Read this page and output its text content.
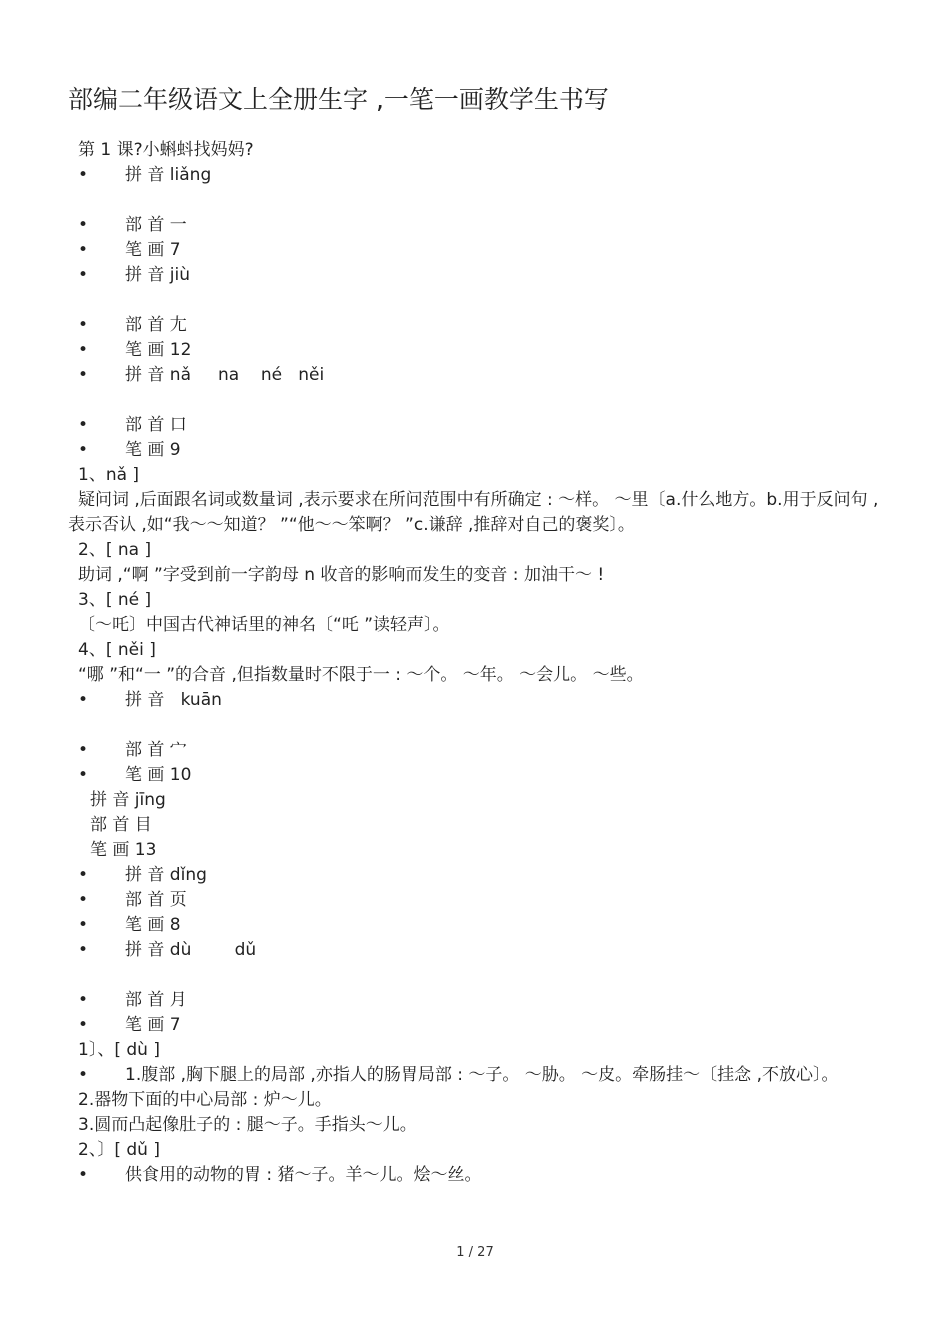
部编二年级语文上全册生字 ,一笔一画教学生书写
第 1 课?小蝌蚪找妈妈?
• 拼 音 liǎng
• 部 首 一
• 笔 画 7
• 拼 音 jiù
• 部 首 尢
• 笔 画 12
• 拼 音 nǎ     na    né   něi
• 部 首 口
• 笔 画 9
1、nǎ ]
疑问词 ,后面跟名词或数量词 ,表示要求在所问范围中有所确定 : ～样。 ～里〔a.什么地方。b.用于反问句 ,表示否认 ,如“我～～知道？ ”“他～～笨啊？ ”c.谦辞 ,推辞对自己的褒奖〕。
2、[ na ]
助词 ,“啊 ”字受到前一字韵母 n 收音的影响而发生的变音 : 加油干～ !
3、[ né ]
〔～吒〕中国古代神话里的神名〔“吒 ”读轻声〕。
4、[ něi ]
“哪 ”和“一 ”的合音 ,但指数量时不限于一 : ～个。 ～年。 ～会儿。 ～些。
• 拼 音   kuān
• 部 首 宀
• 笔 画 10
拼 音 jīng
部 首 目
笔 画 13
• 拼 音 dǐng
• 部 首 页
• 笔 画 8
• 拼 音 dù        dǔ
• 部 首 月
• 笔 画 7
1〕、[ dù ]
• 1.腹部 ,胸下腿上的局部 ,亦指人的肠胃局部 : ～子。 ～胁。 ～皮。牵肠挂～〔挂念 ,不放心〕。
2.器物下面的中心局部 : 炉～儿。
3.圆而凸起像肚子的 : 腿～子。手指头～儿。
2、〕[ dǔ ]
• 供食用的动物的胃 : 猪～子。羊～儿。烩～丝。
1 / 27
